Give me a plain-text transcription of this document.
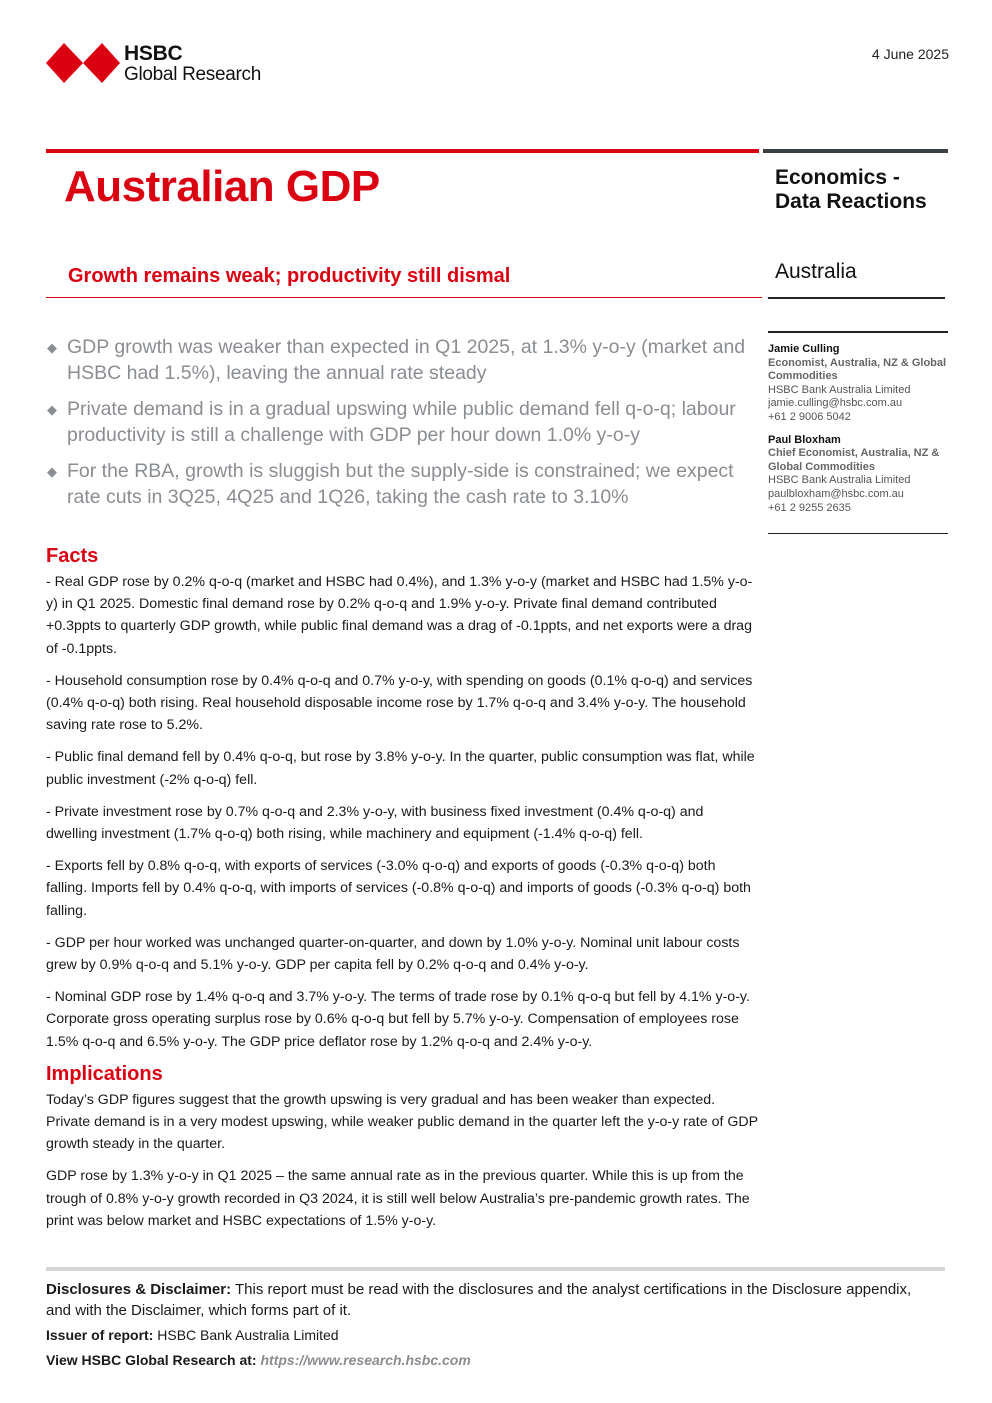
HSBC
Global Research
4 June 2025
Australian GDP	Economics - Data Reactions
Growth remains weak; productivity still dismal	Australia
◆ GDP growth was weaker than expected in Q1 2025, at 1.3% y-o-y (market and HSBC had 1.5%), leaving the annual rate steady
◆ Private demand is in a gradual upswing while public demand fell q-o-q; labour productivity is still a challenge with GDP per hour down 1.0% y-o-y
◆ For the RBA, growth is sluggish but the supply-side is constrained; we expect rate cuts in 3Q25, 4Q25 and 1Q26, taking the cash rate to 3.10%
Jamie Culling
Economist, Australia, NZ & Global Commodities
HSBC Bank Australia Limited
jamie.culling@hsbc.com.au
+61 2 9006 5042
Paul Bloxham
Chief Economist, Australia, NZ & Global Commodities
HSBC Bank Australia Limited
paulbloxham@hsbc.com.au
+61 2 9255 2635
Facts

- Real GDP rose by 0.2% q-o-q (market and HSBC had 0.4%), and 1.3% y-o-y (market and HSBC had 1.5% y-o-y) in Q1 2025. Domestic final demand rose by 0.2% q-o-q and 1.9% y-o-y. Private final demand contributed +0.3ppts to quarterly GDP growth, while public final demand was a drag of -0.1ppts, and net exports were a drag of -0.1ppts.

- Household consumption rose by 0.4% q-o-q and 0.7% y-o-y, with spending on goods (0.1% q-o-q) and services (0.4% q-o-q) both rising. Real household disposable income rose by 1.7% q-o-q and 3.4% y-o-y. The household saving rate rose to 5.2%.

- Public final demand fell by 0.4% q-o-q, but rose by 3.8% y-o-y. In the quarter, public consumption was flat, while public investment (-2% q-o-q) fell.

- Private investment rose by 0.7% q-o-q and 2.3% y-o-y, with business fixed investment (0.4% q-o-q) and dwelling investment (1.7% q-o-q) both rising, while machinery and equipment (-1.4% q-o-q) fell.

- Exports fell by 0.8% q-o-q, with exports of services (-3.0% q-o-q) and exports of goods (-0.3% q-o-q) both falling. Imports fell by 0.4% q-o-q, with imports of services (-0.8% q-o-q) and imports of goods (-0.3% q-o-q) both falling.

- GDP per hour worked was unchanged quarter-on-quarter, and down by 1.0% y-o-y. Nominal unit labour costs grew by 0.9% q-o-q and 5.1% y-o-y. GDP per capita fell by 0.2% q-o-q and 0.4% y-o-y.

- Nominal GDP rose by 1.4% q-o-q and 3.7% y-o-y. The terms of trade rose by 0.1% q-o-q but fell by 4.1% y-o-y. Corporate gross operating surplus rose by 0.6% q-o-q but fell by 5.7% y-o-y. Compensation of employees rose 1.5% q-o-q and 6.5% y-o-y. The GDP price deflator rose by 1.2% q-o-q and 2.4% y-o-y.

Implications

Today’s GDP figures suggest that the growth upswing is very gradual and has been weaker than expected. Private demand is in a very modest upswing, while weaker public demand in the quarter left the y-o-y rate of GDP growth steady in the quarter.

GDP rose by 1.3% y-o-y in Q1 2025 – the same annual rate as in the previous quarter. While this is up from the trough of 0.8% y-o-y growth recorded in Q3 2024, it is still well below Australia’s pre-pandemic growth rates. The print was below market and HSBC expectations of 1.5% y-o-y.

Disclosures & Disclaimer: This report must be read with the disclosures and the analyst certifications in the Disclosure appendix, and with the Disclaimer, which forms part of it.
Issuer of report: HSBC Bank Australia Limited
View HSBC Global Research at: https://www.research.hsbc.com
